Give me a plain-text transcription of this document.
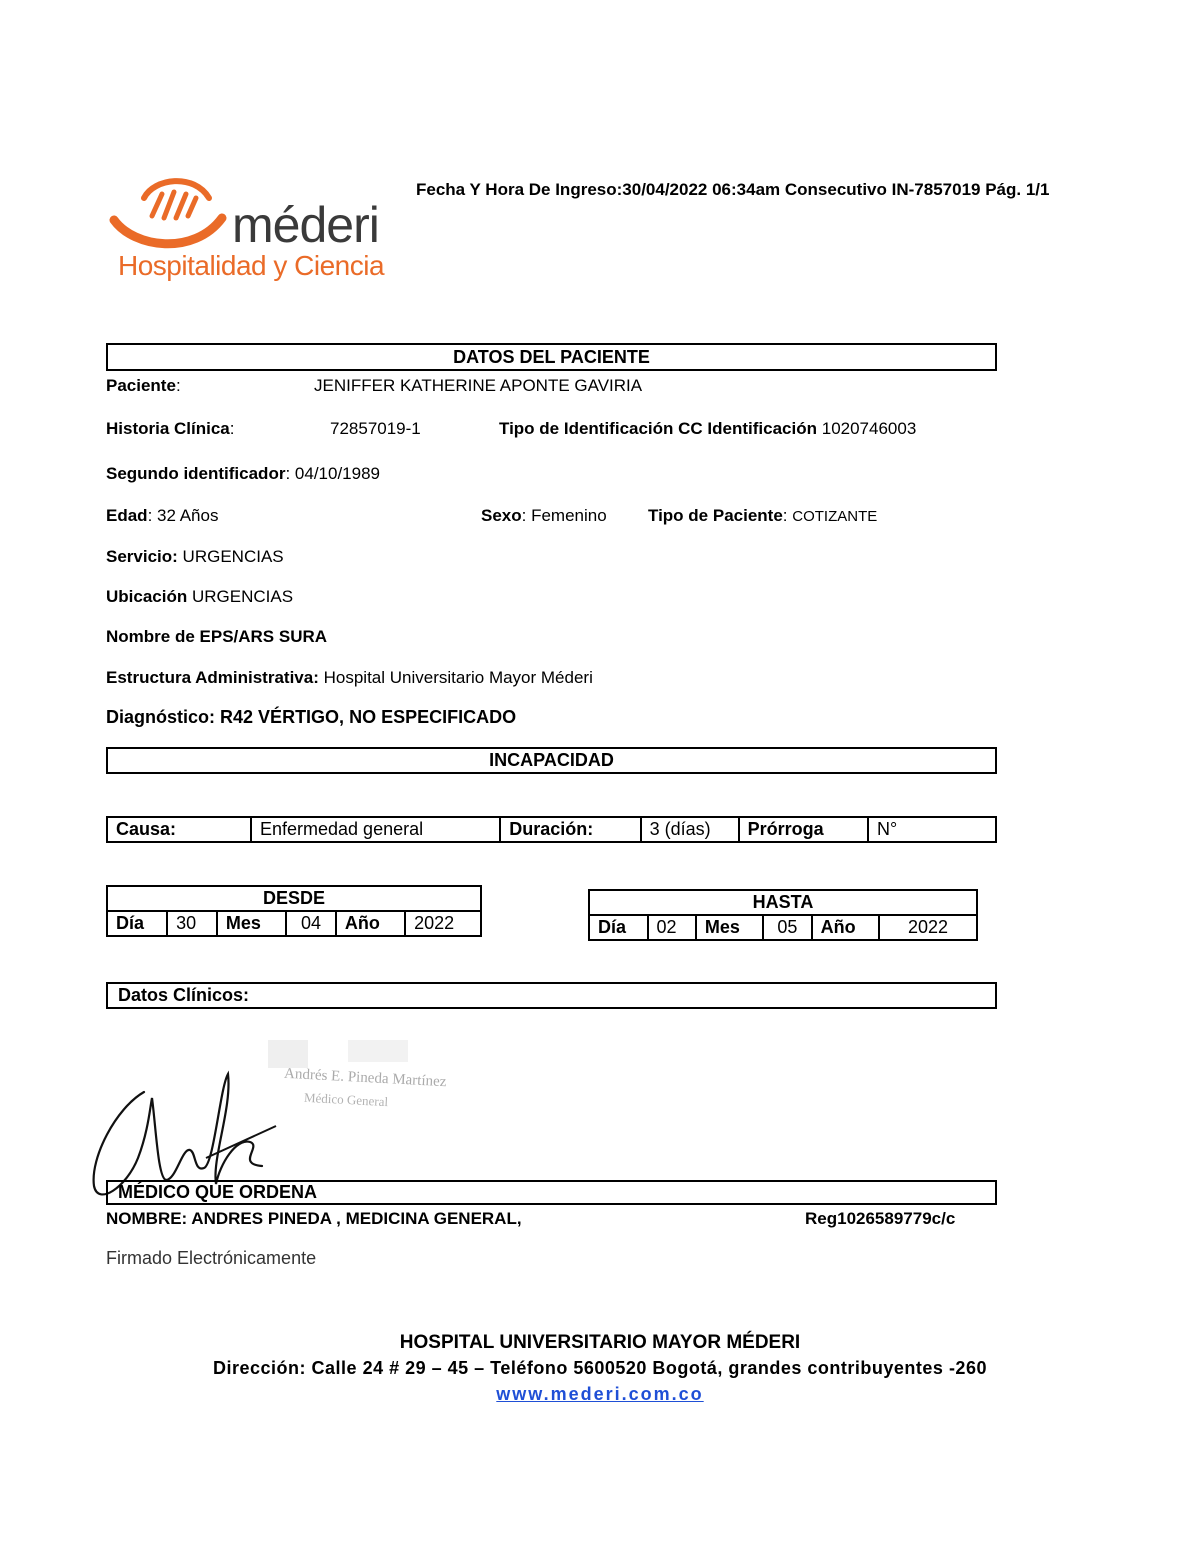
méderi
Hospitalidad y Ciencia
Fecha Y Hora De Ingreso:30/04/2022 06:34am Consecutivo IN-7857019 Pág. 1/1
DATOS DEL PACIENTE
Paciente:	JENIFFER KATHERINE APONTE GAVIRIA
Historia Clínica:	72857019-1	Tipo de Identificación CC Identificación 1020746003
Segundo identificador: 04/10/1989
Edad: 32 Años	Sexo: Femenino Tipo de Paciente: COTIZANTE
Servicio: URGENCIAS
Ubicación URGENCIAS
Nombre de EPS/ARS SURA
Estructura Administrativa: Hospital Universitario Mayor Méderi
Diagnóstico: R42 VÉRTIGO, NO ESPECIFICADO
INCAPACIDAD
Causa:	Enfermedad general	Duración:	3 (días)	Prórroga	N°
DESDE
Día	30	Mes	04	Año	2022
HASTA
Día	02	Mes	05	Año	2022
Datos Clínicos:
Andrés E. Pineda Martínez
Médico General
MÉDICO QUE ORDENA
NOMBRE: ANDRES PINEDA , MEDICINA GENERAL,	Reg1026589779c/c
Firmado Electrónicamente
HOSPITAL UNIVERSITARIO MAYOR MÉDERI
Dirección: Calle 24 # 29 – 45 – Teléfono 5600520 Bogotá, grandes contribuyentes -260
www.mederi.com.co
